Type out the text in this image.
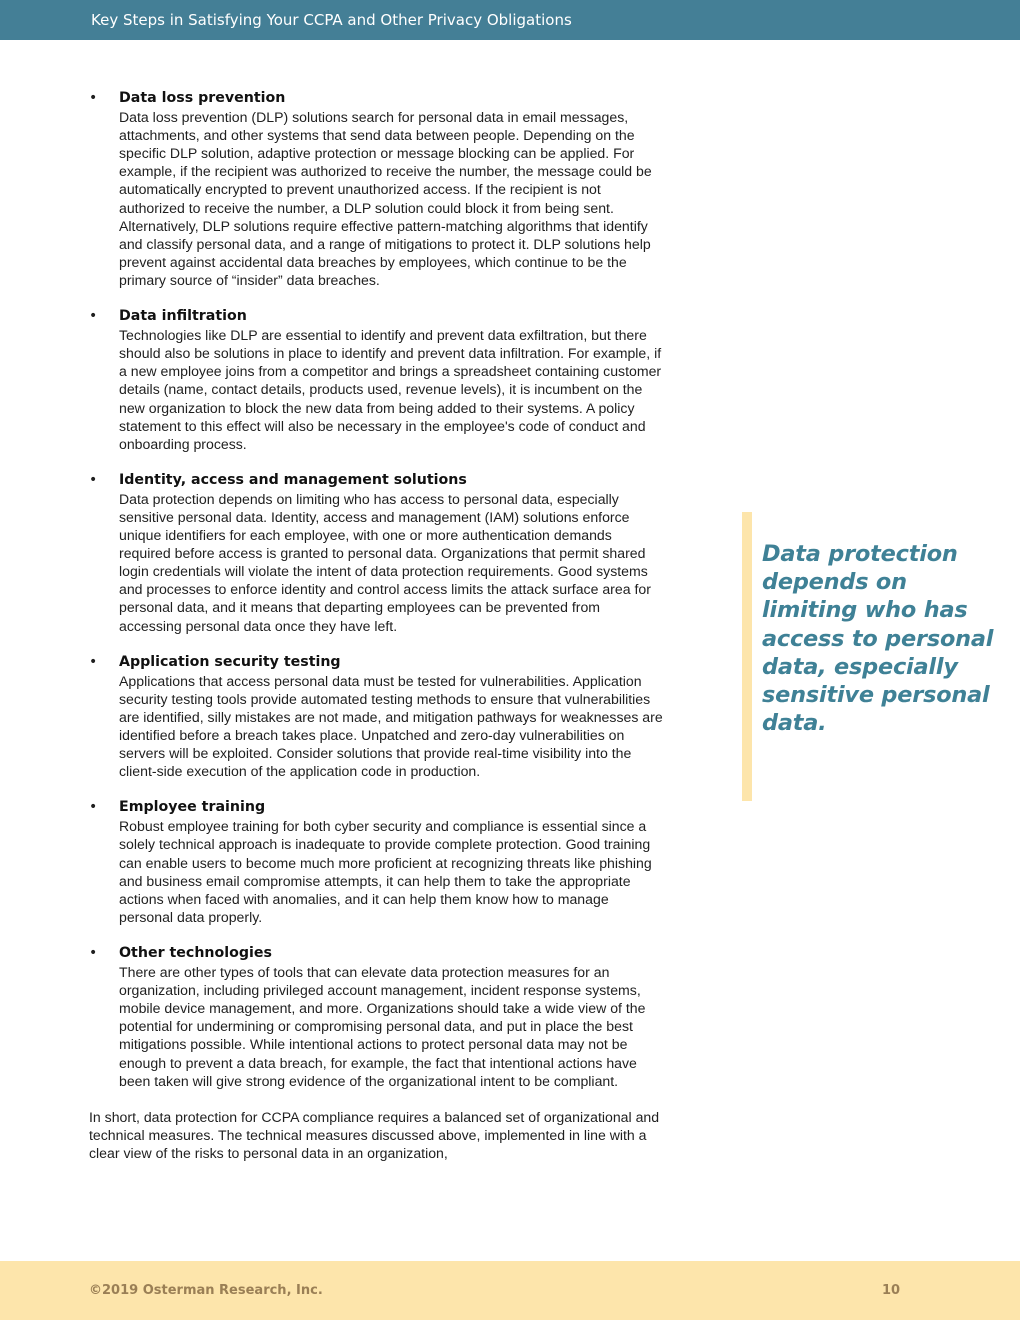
Key Steps in Satisfying Your CCPA and Other Privacy Obligations
• Data loss prevention
Data loss prevention (DLP) solutions search for personal data in email messages, attachments, and other systems that send data between people. Depending on the specific DLP solution, adaptive protection or message blocking can be applied. For example, if the recipient was authorized to receive the number, the message could be automatically encrypted to prevent unauthorized access. If the recipient is not authorized to receive the number, a DLP solution could block it from being sent. Alternatively, DLP solutions require effective pattern-matching algorithms that identify and classify personal data, and a range of mitigations to protect it. DLP solutions help prevent against accidental data breaches by employees, which continue to be the primary source of “insider” data breaches.
• Data infiltration
Technologies like DLP are essential to identify and prevent data exfiltration, but there should also be solutions in place to identify and prevent data infiltration. For example, if a new employee joins from a competitor and brings a spreadsheet containing customer details (name, contact details, products used, revenue levels), it is incumbent on the new organization to block the new data from being added to their systems. A policy statement to this effect will also be necessary in the employee's code of conduct and onboarding process.
• Identity, access and management solutions
Data protection depends on limiting who has access to personal data, especially sensitive personal data. Identity, access and management (IAM) solutions enforce unique identifiers for each employee, with one or more authentication demands required before access is granted to personal data. Organizations that permit shared login credentials will violate the intent of data protection requirements. Good systems and processes to enforce identity and control access limits the attack surface area for personal data, and it means that departing employees can be prevented from accessing personal data once they have left.
• Application security testing
Applications that access personal data must be tested for vulnerabilities. Application security testing tools provide automated testing methods to ensure that vulnerabilities are identified, silly mistakes are not made, and mitigation pathways for weaknesses are identified before a breach takes place. Unpatched and zero-day vulnerabilities on servers will be exploited. Consider solutions that provide real-time visibility into the client-side execution of the application code in production.
• Employee training
Robust employee training for both cyber security and compliance is essential since a solely technical approach is inadequate to provide complete protection. Good training can enable users to become much more proficient at recognizing threats like phishing and business email compromise attempts, it can help them to take the appropriate actions when faced with anomalies, and it can help them know how to manage personal data properly.
• Other technologies
There are other types of tools that can elevate data protection measures for an organization, including privileged account management, incident response systems, mobile device management, and more. Organizations should take a wide view of the potential for undermining or compromising personal data, and put in place the best mitigations possible. While intentional actions to protect personal data may not be enough to prevent a data breach, for example, the fact that intentional actions have been taken will give strong evidence of the organizational intent to be compliant.
In short, data protection for CCPA compliance requires a balanced set of organizational and technical measures. The technical measures discussed above, implemented in line with a clear view of the risks to personal data in an organization,
Data protection depends on limiting who has access to personal data, especially sensitive personal data.
©2019 Osterman Research, Inc.	10
